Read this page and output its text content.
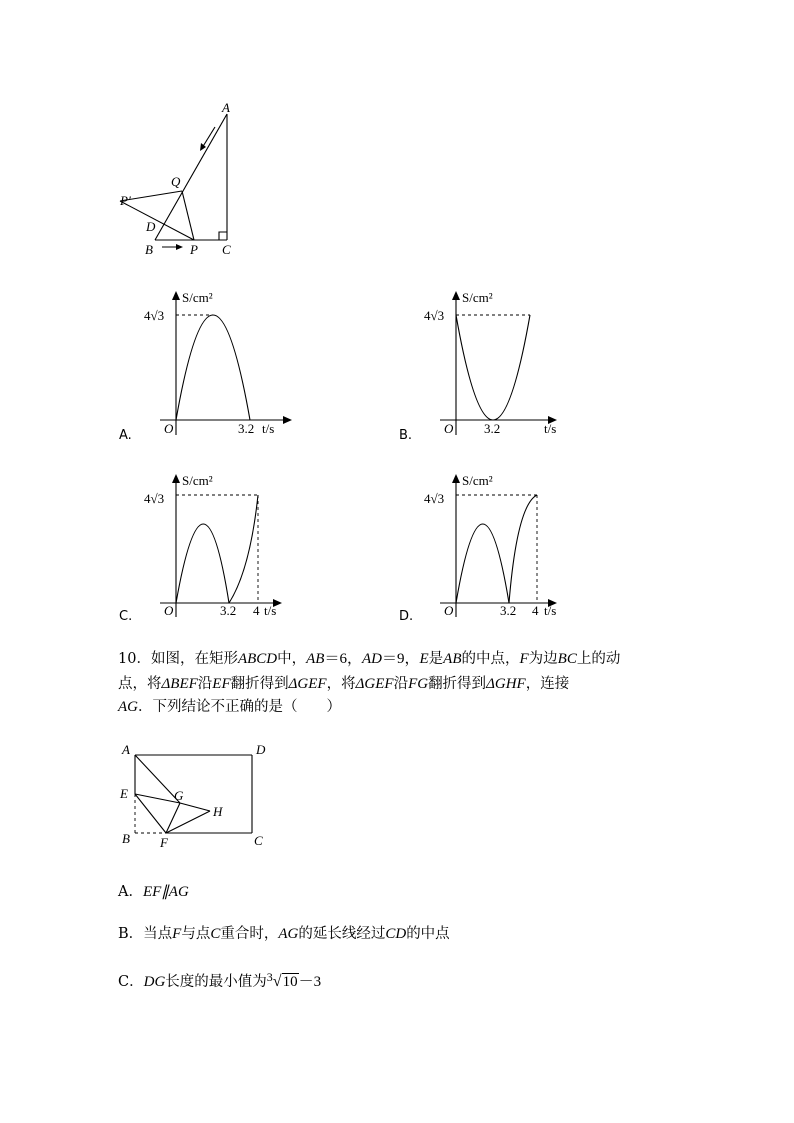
A
Q
P′
D
B	P C
S/cm²
4√3
O	3.2 t/s
A.
S/cm²
4√3
O 3.2	t/s
B.
S/cm²
4√3
O	3.2 4 t/s
C.
S/cm²
4√3
O	3.2 4 t/s
D.
10．如图，在矩形ABCD中，AB＝6，AD＝9，E是AB的中点，F为边BC上的动
点，将ΔBEF沿EF翻折得到ΔGEF，将ΔGEF沿FG翻折得到ΔGHF，连接
AG．下列结论不正确的是（　　）
A	D
E	G
H
B F	C
A．EF∥AG
B．当点F与点C重合时，AG的延长线经过CD的中点
C．DG长度的最小值为$^3$√10－3
